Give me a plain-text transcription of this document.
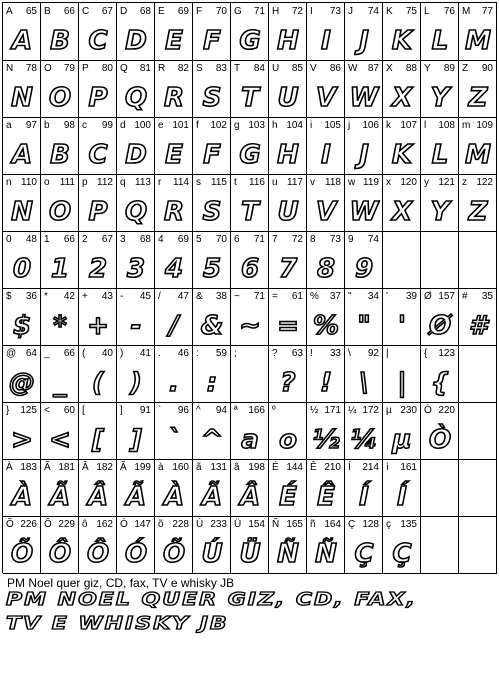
A 65
A
B 66
B
C 67
C
D 68
D
E 69
E
F 70
F
G 71
G
H 72
H
I 73
I
J 74
J
K 75
K
L 76
L
M 77
M
N 78
N
O 79
O
P 80
P
Q 81
Q
R 82
R
S 83
S
T 84
T
U 85
U
V 86
V
W 87
W
X 88
X
Y 89
Y
Z 90
Z
a 97
A
b 98
B
c 99
C
d 100
D
e 101
E
f 102
F
g 103
G
h 104
H
i 105
I
j 106
J
k 107
K
l 108
L
m 109
M
n 110
N
o 111
O
p 112
P
q 113
Q
r 114
R
s 115
S
t 116
T
u 117
U
v 118
V
w 119
W
x 120
X
y 121
Y
z 122
Z
0 48
0
1 66
1
2 67
2
3 68
3
4 69
4
5 70
5
6 71
6
7 72
7
8 73
8
9 74
9
$ 36
$
* 42
*
+ 43
+
- 45
-
/ 47
/
& 38
&
~ 71
~
= 61
=
% 37
%
" 34
"
' 39
'
Ø 157
Ø
# 35
#
@ 64
@
_ 66
_
( 40
(
) 41
)
. 46
.
: 59
:
;	? 63
?
! 33
!
\ 92
\
|
|
{ 123
{
} 125
>
< 60
<
[
[
] 91
]
` 96
`
^ 94
^
ª 166
a
º
o
½ 171
½
¼ 172
¼
µ 230
µ
Ò 220
Ò
À 183
À
Ã 181
Ã
Â 182
Â
Ã 199
Ã
à 160
À
ã 131
Ã
â 198
Â
É 144
É
Ê 210
Ê
Í 214
Í
í 161
Í
Õ 226
Õ
Ô 229
Ô
ô 162
Ô
Ó 147
Ó
õ 228
Õ
Ú 233
Ú
Ü 154
Ü
Ñ 165
Ñ
ñ 164
Ñ
Ç 128
Ç
ç 135
Ç
PM Noel quer giz, CD, fax, TV e whisky JB
PM NOEL QUER GIZ, CD, FAX,
TV E WHISKY JB
